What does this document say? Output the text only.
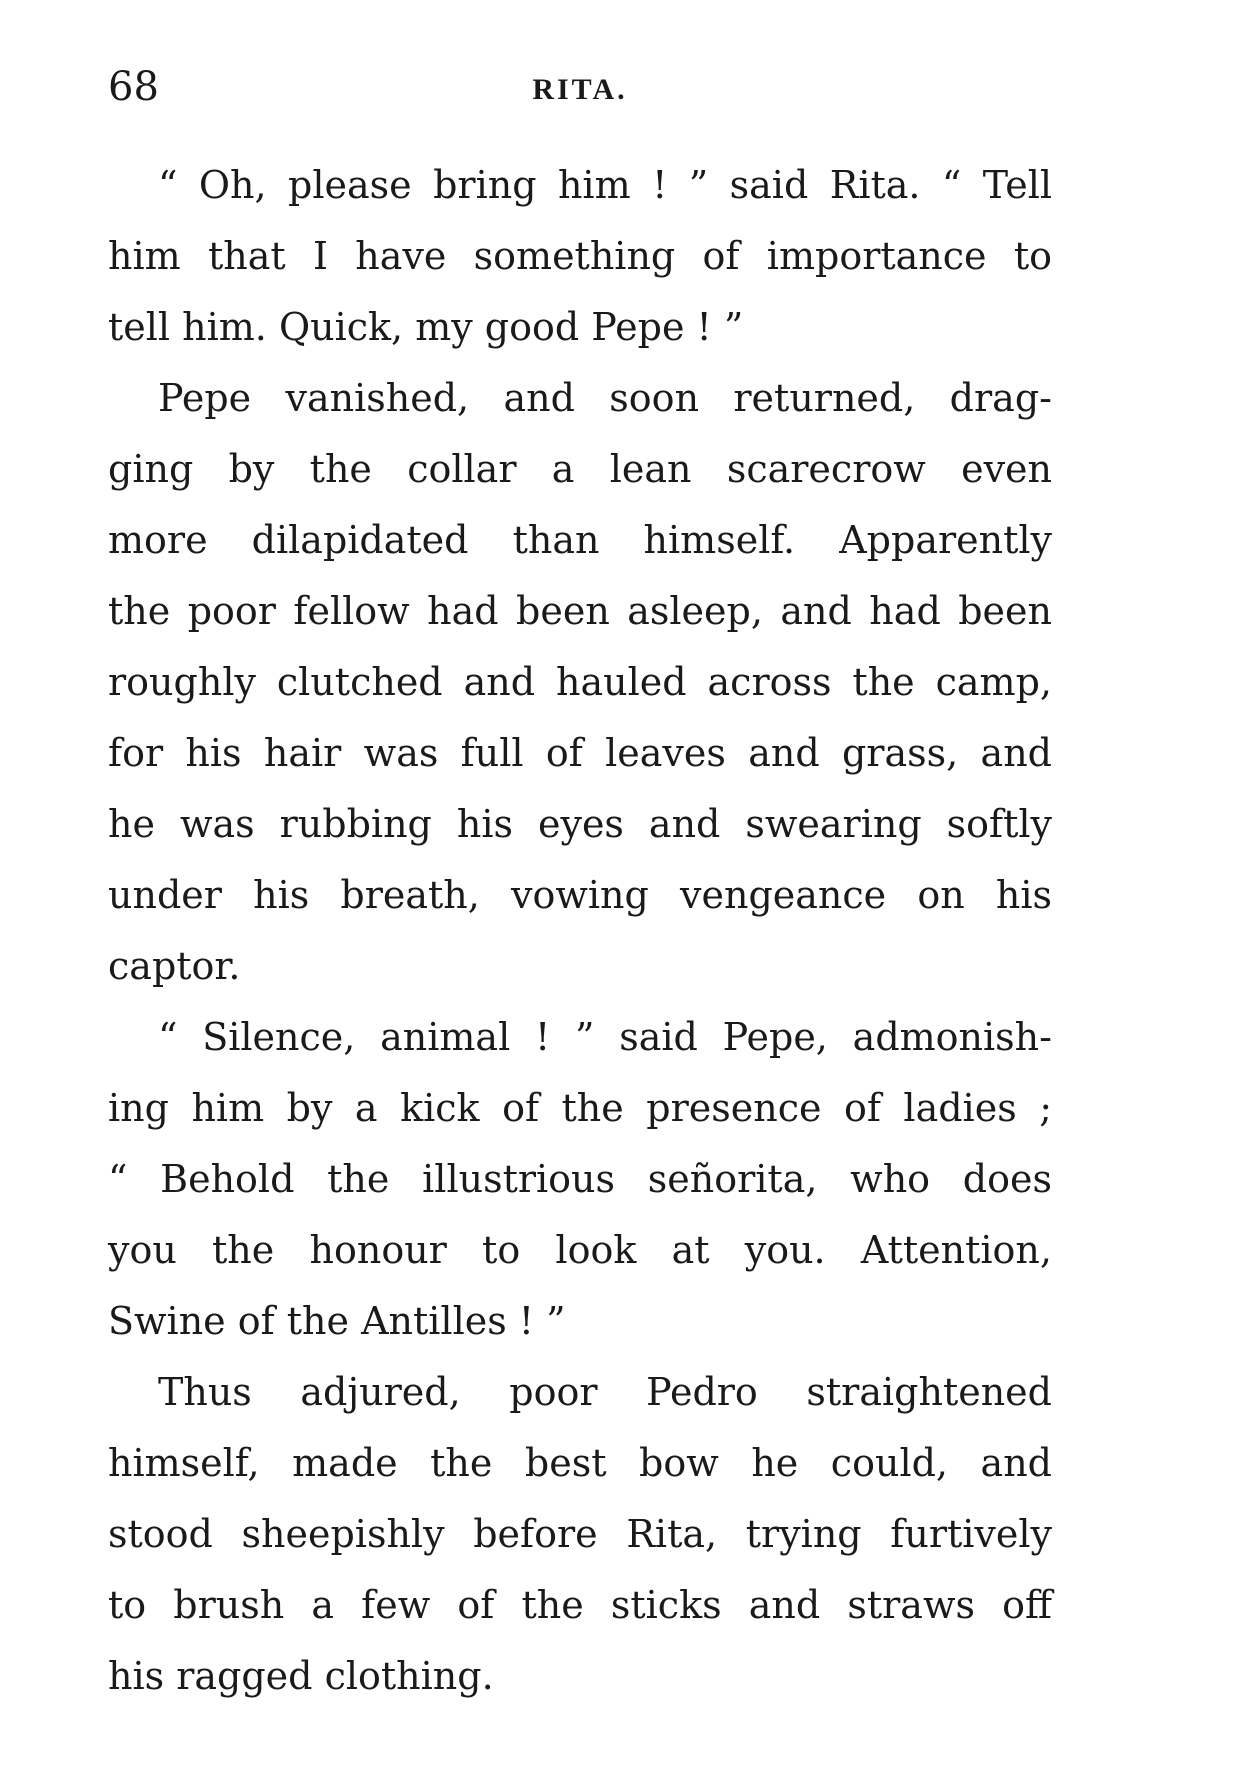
68	RITA.
“ Oh, please bring him ! ” said Rita. “ Tell
him that I have something of importance to
tell him. Quick, my good Pepe ! ”
Pepe vanished, and soon returned, drag-
ging by the collar a lean scarecrow even
more dilapidated than himself. Apparently
the poor fellow had been asleep, and had been
roughly clutched and hauled across the camp,
for his hair was full of leaves and grass, and
he was rubbing his eyes and swearing softly
under his breath, vowing vengeance on his
captor.
“ Silence, animal ! ” said Pepe, admonish-
ing him by a kick of the presence of ladies ;
“ Behold the illustrious señorita, who does
you the honour to look at you. Attention,
Swine of the Antilles ! ”
Thus adjured, poor Pedro straightened
himself, made the best bow he could, and
stood sheepishly before Rita, trying furtively
to brush a few of the sticks and straws off
his ragged clothing.
